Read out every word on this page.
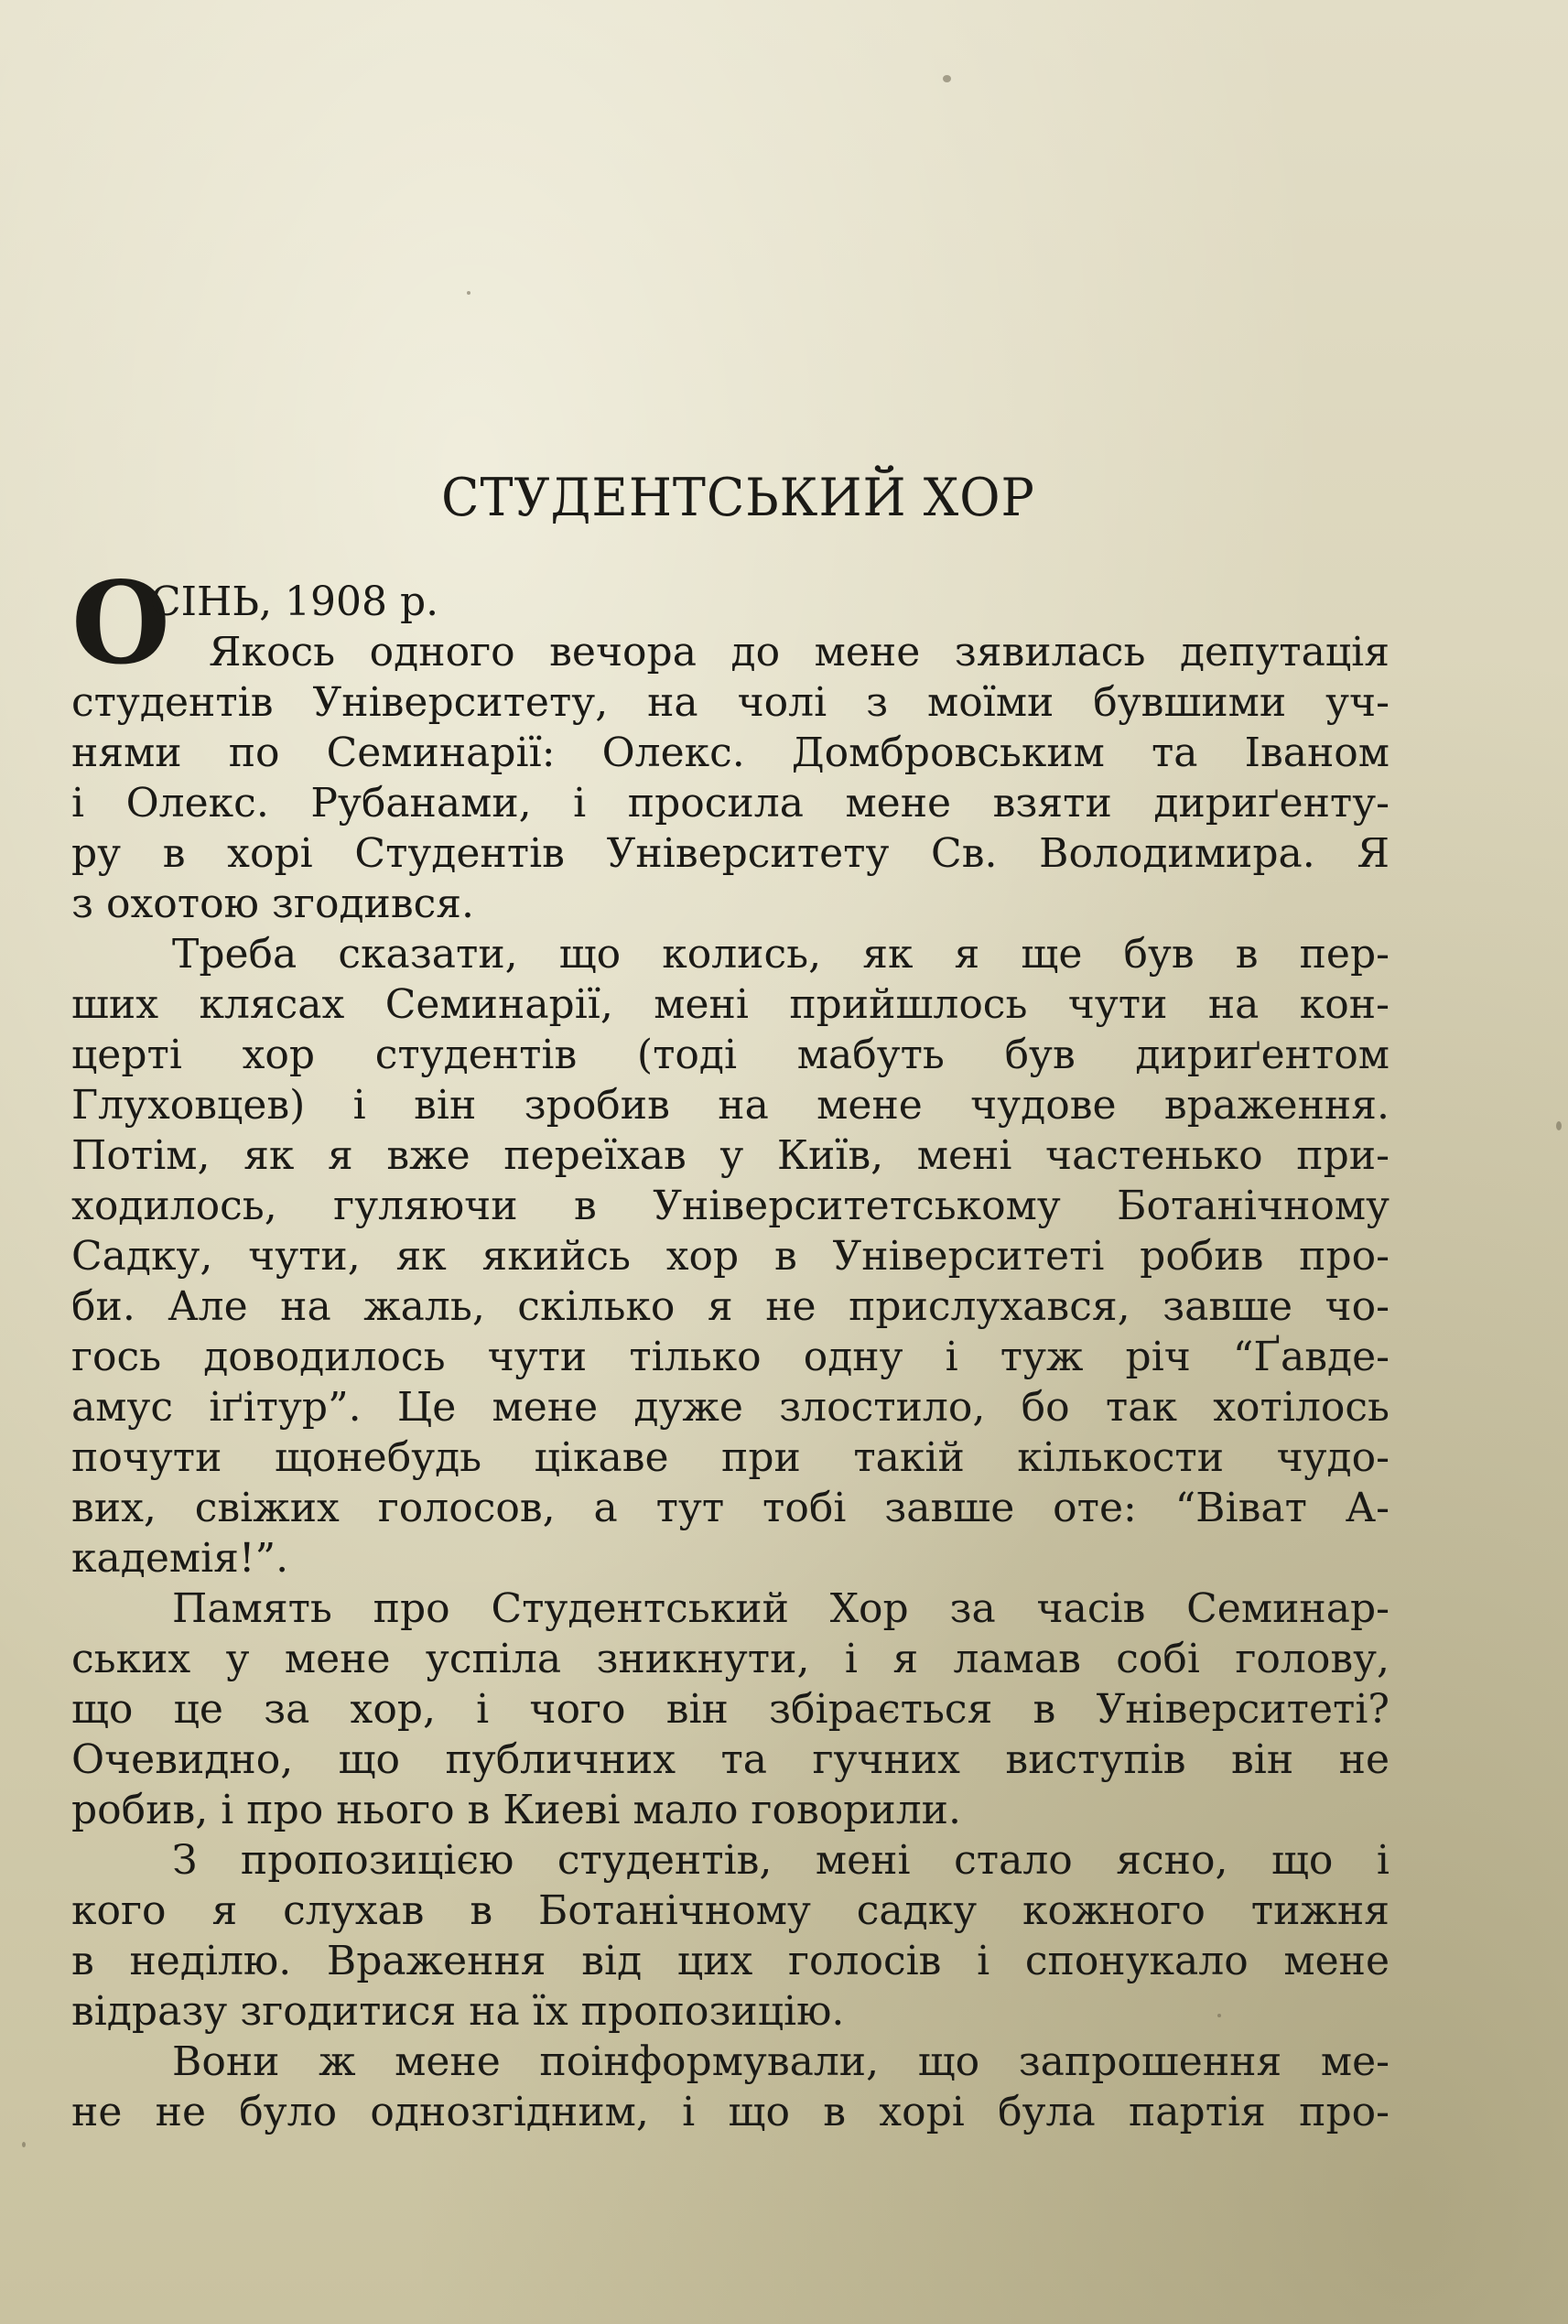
СТУДЕНТСЬКИЙ ХОР
О
СІНЬ, 1908 р.
Якось одного вечора до мене зявилась депутація
студентів Університету, на чолі з моїми бувшими уч-
нями по Семинарії: Олекс. Домбровським та Іваном
і Олекс. Рубанами, і просила мене взяти дириґенту-
ру в хорі Студентів Університету Св. Володимира. Я
з охотою згодився.
Треба сказати, що колись, як я ще був в пер-
ших клясах Семинарії, мені прийшлось чути на кон-
церті хор студентів (тоді мабуть був дириґентом
Глуховцев) і він зробив на мене чудове враження.
Потім, як я вже переїхав у Київ, мені частенько при-
ходилось, гуляючи в Університетському Ботанічному
Садку, чути, як якийсь хор в Університеті робив про-
би. Але на жаль, скілько я не прислухався, завше чо-
гось доводилось чути тілько одну і туж річ “Ґавде-
амус іґітур”. Це мене дуже злостило, бо так хотілось
почути щонебудь цікаве при такій кількости чудо-
вих, свіжих голосов, а тут тобі завше оте: “Віват А-
кадемія!”.
Память про Студентський Хор за часів Семинар-
ських у мене успіла зникнути, і я ламав собі голову,
що це за хор, і чого він збірається в Університеті?
Очевидно, що публичних та гучних виступів він не
робив, і про нього в Киеві мало говорили.
З пропозицією студентів, мені стало ясно, що і
кого я слухав в Ботанічному садку кожного тижня
в неділю. Враження від цих голосів і спонукало мене
відразу згодитися на їх пропозицію.
Вони ж мене поінформували, що запрошення ме-
не не було однозгідним, і що в хорі була партія про-
